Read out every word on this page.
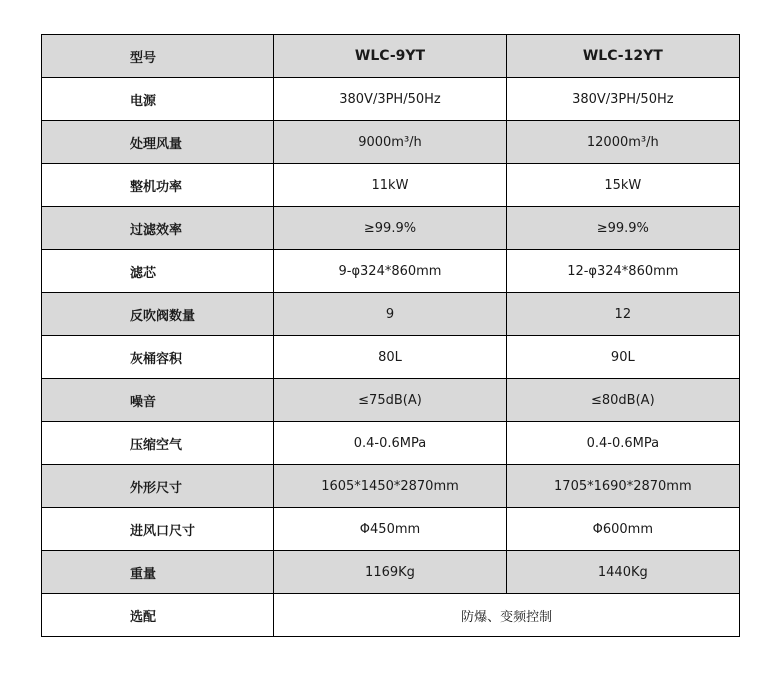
型号	WLC-9YT	WLC-12YT
电源	380V/3PH/50Hz	380V/3PH/50Hz
处理风量	9000m³/h	12000m³/h
整机功率	11kW	15kW
过滤效率	≥99.9%	≥99.9%
滤芯	9-φ324*860mm	12-φ324*860mm
反吹阀数量	9	12
灰桶容积	80L	90L
噪音	≤75dB(A)	≤80dB(A)
压缩空气	0.4-0.6MPa	0.4-0.6MPa
外形尺寸	1605*1450*2870mm	1705*1690*2870mm
进风口尺寸	Φ450mm	Φ600mm
重量	1169Kg	1440Kg
选配	防爆、变频控制	
